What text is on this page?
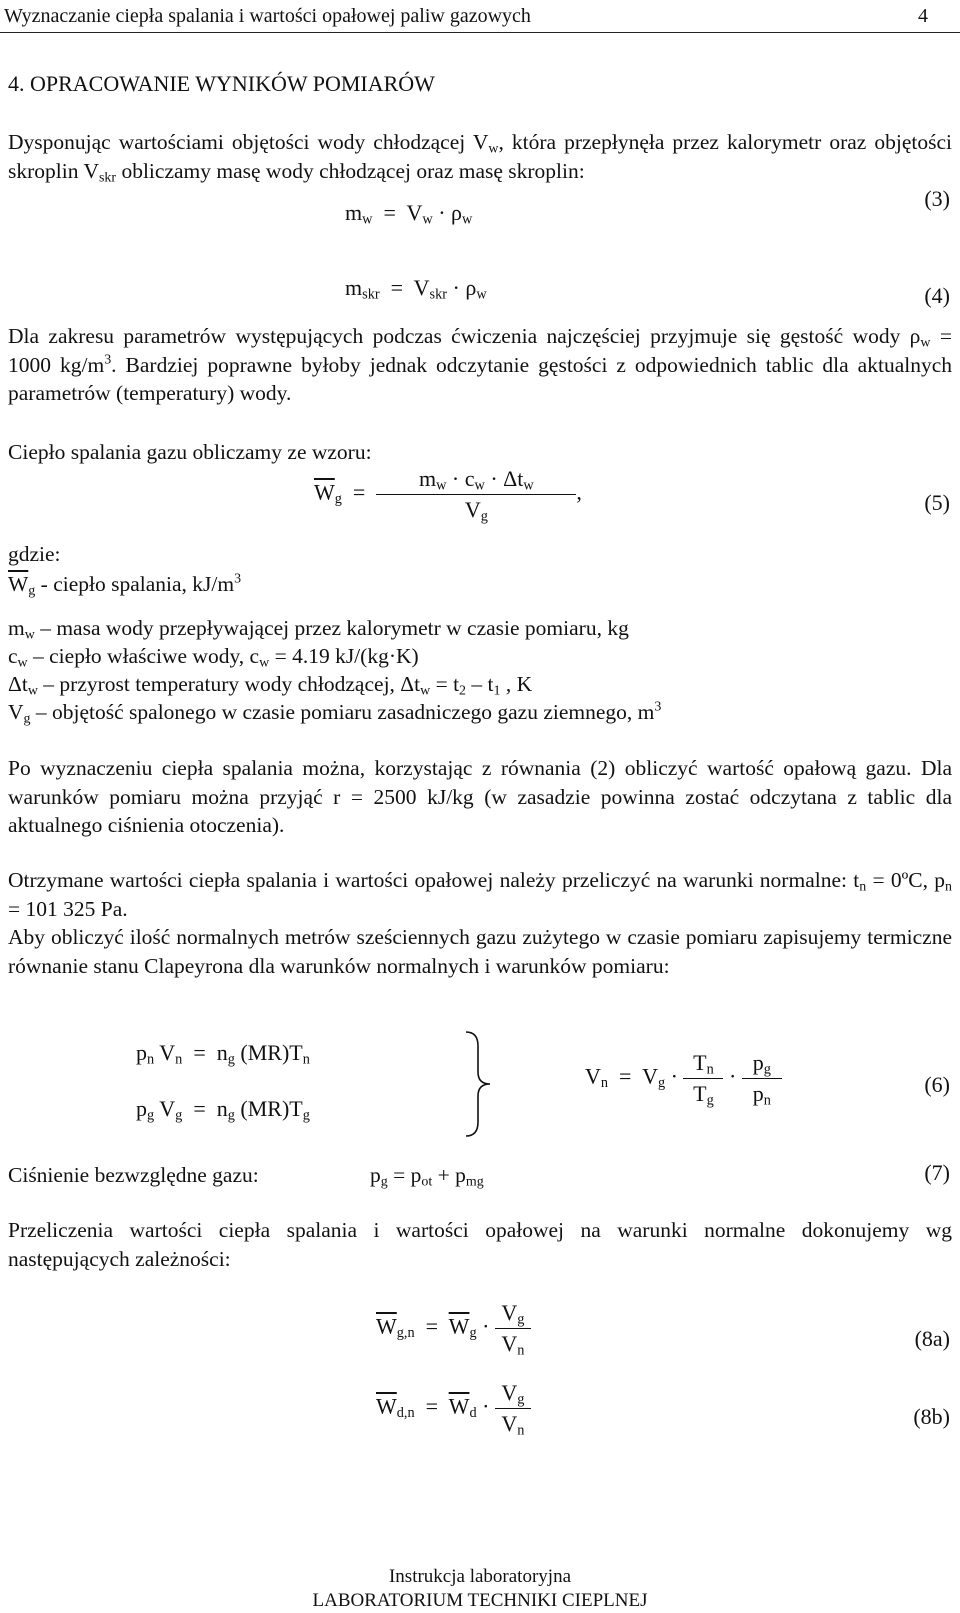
Wyznaczanie ciepła spalania i wartości opałowej paliw gazowych	4
4. OPRACOWANIE WYNIKÓW POMIARÓW

Dysponując wartościami objętości wody chłodzącej $V_w$, która przepłynęła przez kalorymetr oraz objętości skroplin $V_{skr}$ obliczamy masę wody chłodzącej oraz masę skroplin:

$m_w = V_w \cdot \rho_w$
(3)
$m_{skr} = V_{skr} \cdot \rho_w$	(4)

Dla zakresu parametrów występujących podczas ćwiczenia najczęściej przyjmuje się gęstość wody $\rho_w = 1000$ $kg/m^3$. Bardziej poprawne byłoby jednak odczytanie gęstości z odpowiednich tablic dla aktualnych parametrów (temperatury) wody.

Ciepło spalania gazu obliczamy ze wzoru:
$\overline{W}_g = \frac{m_w \cdot c_w \cdot \Delta t_w}{V_g}$ ,	(5)
gdzie:
$\overline{W}_g$ - ciepło spalania, $kJ/m^3$
$m_w$ – masa wody przepływającej przez kalorymetr w czasie pomiaru, kg
$c_w$ – ciepło właściwe wody, $c_w = 4.19$ kJ/(kg·K)
$\Delta t_w$ – przyrost temperatury wody chłodzącej, $\Delta t_w = t_2 - t_1$ , K
$V_g$ – objętość spalonego w czasie pomiaru zasadniczego gazu ziemnego, $m^3$

Po wyznaczeniu ciepła spalania można, korzystając z równania (2) obliczyć wartość opałową gazu. Dla warunków pomiaru można przyjąć r = 2500 kJ/kg (w zasadzie powinna zostać odczytana z tablic dla aktualnego ciśnienia otoczenia).

Otrzymane wartości ciepła spalania i wartości opałowej należy przeliczyć na warunki normalne: $t_n$ = 0ºC, $p_n = 101$ 325 Pa.

Aby obliczyć ilość normalnych metrów sześciennych gazu zużytego w czasie pomiaru zapisujemy termiczne równanie stanu Clapeyrona dla warunków normalnych i warunków pomiaru:

$p_n$ $V_n = n_g$ $(MR)T_n$
$p_g$ $V_g = n_g$ $(MR)T_g$
$V_n = V_g \cdot \frac{T_n}{T_g} \cdot \frac{p_g}{p_n}$	(6)
Ciśnienie bezwzględne gazu:	$p_g = p_{ot} + p_{mg}$	(7)

Przeliczenia wartości ciepła spalania i wartości opałowej na warunki normalne dokonujemy wg następujących zależności:

$\overline{W}_{g,n} = \overline{W}_g \cdot \frac{V_g}{V_n}$	(8a)
$\overline{W}_{d,n} = \overline{W}_d \cdot \frac{V_g}{V_n}$	(8b)
Instrukcja laboratoryjna
LABORATORIUM TECHNIKI CIEPLNEJ
